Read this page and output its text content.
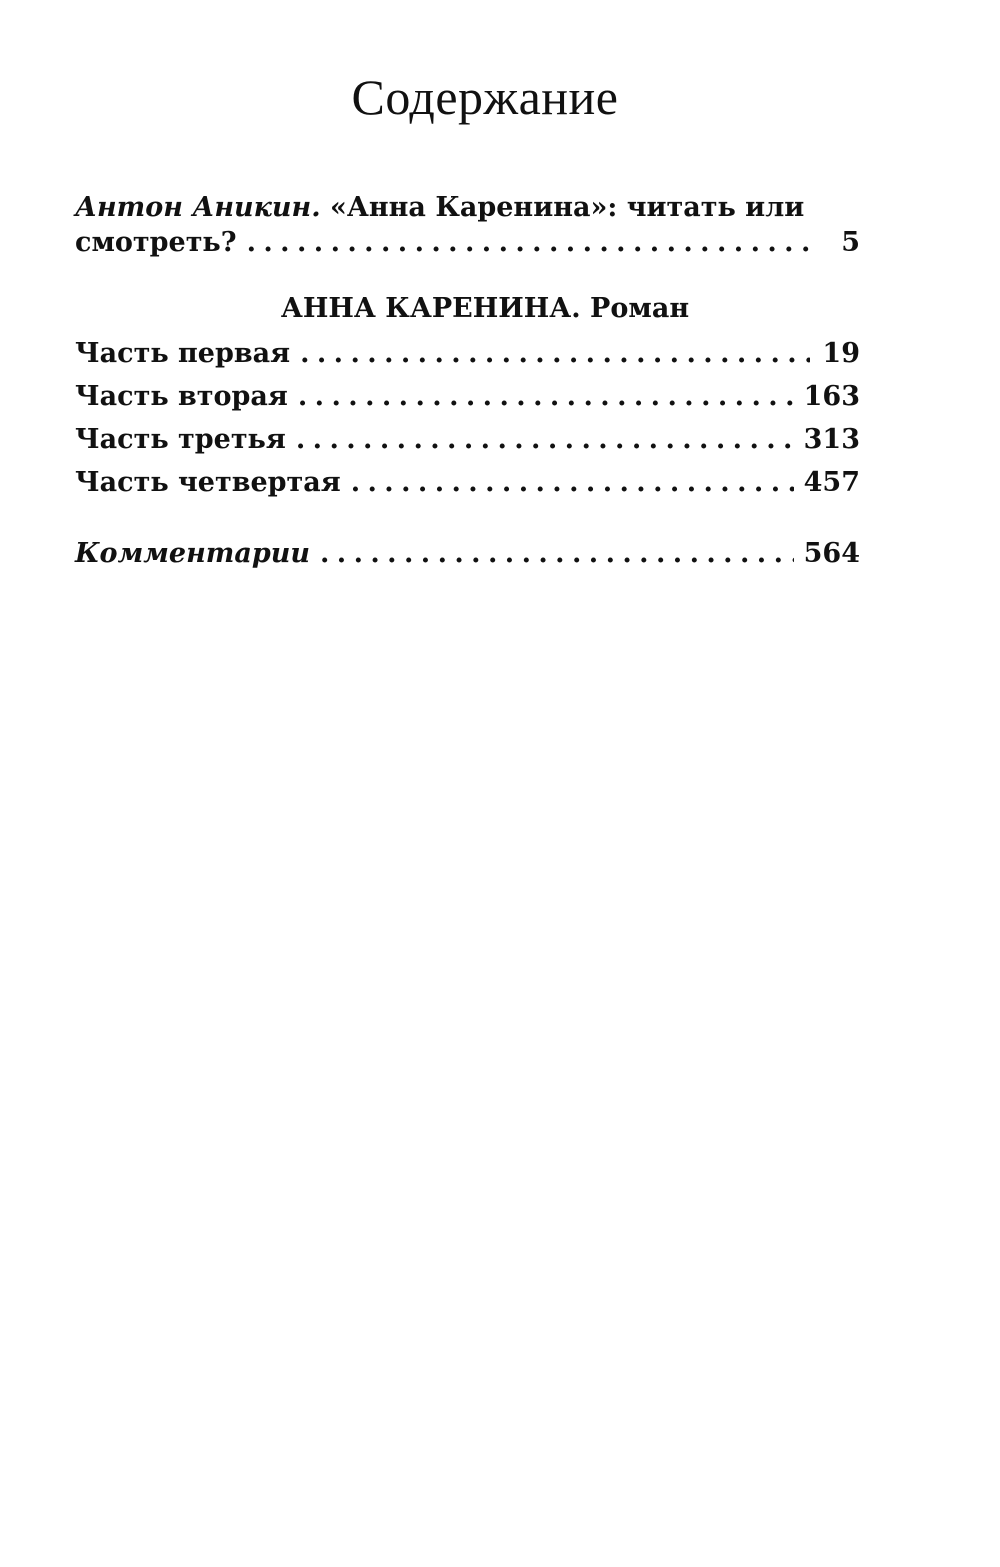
Содержание
Антон Аникин. «Анна Каренина»: читать или
смотреть? . . .	5
АННА КАРЕНИНА. Роман
Часть первая . . .	19
Часть вторая . . .	163
Часть третья . . .	313
Часть четвертая . . .	457
Комментарии . . .	564
